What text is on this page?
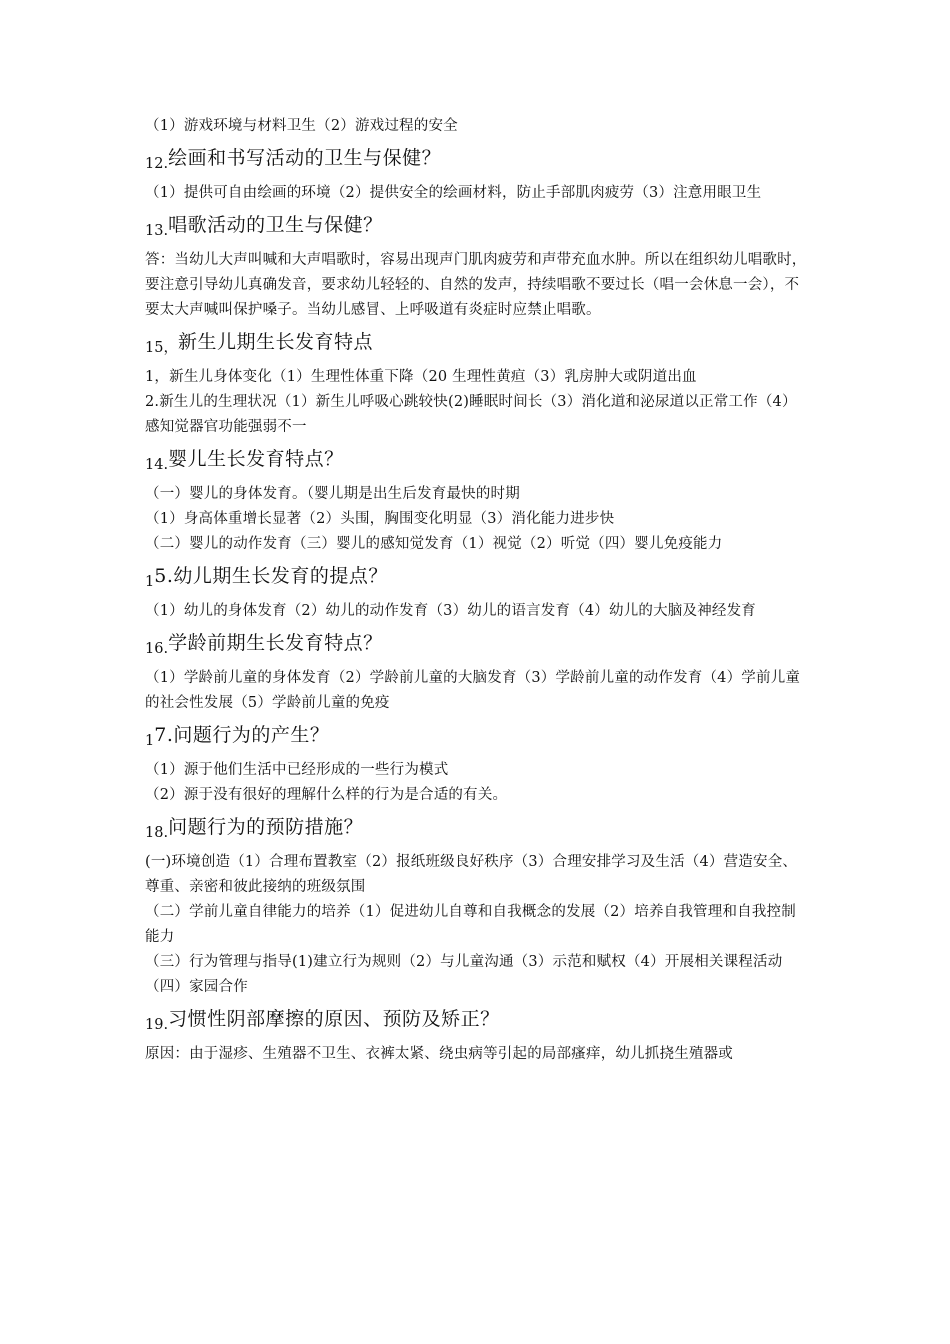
（1）游戏环境与材料卫生（2）游戏过程的安全

$_{12.}$绘画和书写活动的卫生与保健？

（1）提供可自由绘画的环境（2）提供安全的绘画材料，防止手部肌肉疲劳（3）注意用眼卫生

$_{13.}$唱歌活动的卫生与保健？

答：当幼儿大声叫喊和大声唱歌时，容易出现声门肌肉疲劳和声带充血水肿。所以在组织幼儿唱歌时，要注意引导幼儿真确发音，要求幼儿轻轻的、自然的发声，持续唱歌不要过长（唱一会休息一会），不要太大声喊叫保护嗓子。当幼儿感冒、上呼吸道有炎症时应禁止唱歌。

$_{15,}$新生儿期生长发育特点

1，新生儿身体变化（1）生理性体重下降（20 生理性黄疸（3）乳房肿大或阴道出血

2.新生儿的生理状况（1）新生儿呼吸心跳较快(2)睡眠时间长（3）消化道和泌尿道以正常工作（4）感知觉器官功能强弱不一

$_{14.}$婴儿生长发育特点？

（一）婴儿的身体发育。（婴儿期是出生后发育最快的时期

（1）身高体重增长显著（2）头围，胸围变化明显（3）消化能力进步快

（二）婴儿的动作发育（三）婴儿的感知觉发育（1）视觉（2）听觉（四）婴儿免疫能力

$_1$5.幼儿期生长发育的提点？

（1）幼儿的身体发育（2）幼儿的动作发育（3）幼儿的语言发育（4）幼儿的大脑及神经发育

$_{16.}$学龄前期生长发育特点？

（1）学龄前儿童的身体发育（2）学龄前儿童的大脑发育（3）学龄前儿童的动作发育（4）学前儿童的社会性发展（5）学龄前儿童的免疫

$_1$7.问题行为的产生？

（1）源于他们生活中已经形成的一些行为模式

（2）源于没有很好的理解什么样的行为是合适的有关。

$_{18.}$问题行为的预防措施？

(一)环境创造（1）合理布置教室（2）报纸班级良好秩序（3）合理安排学习及生活（4）营造安全、尊重、亲密和彼此接纳的班级氛围

（二）学前儿童自律能力的培养（1）促进幼儿自尊和自我概念的发展（2）培养自我管理和自我控制能力

（三）行为管理与指导(1)建立行为规则（2）与儿童沟通（3）示范和赋权（4）开展相关课程活动

（四）家园合作

$_{19.}$习惯性阴部摩擦的原因、预防及矫正？

原因：由于湿疹、生殖器不卫生、衣裤太紧、绕虫病等引起的局部瘙痒，幼儿抓挠生殖器或
